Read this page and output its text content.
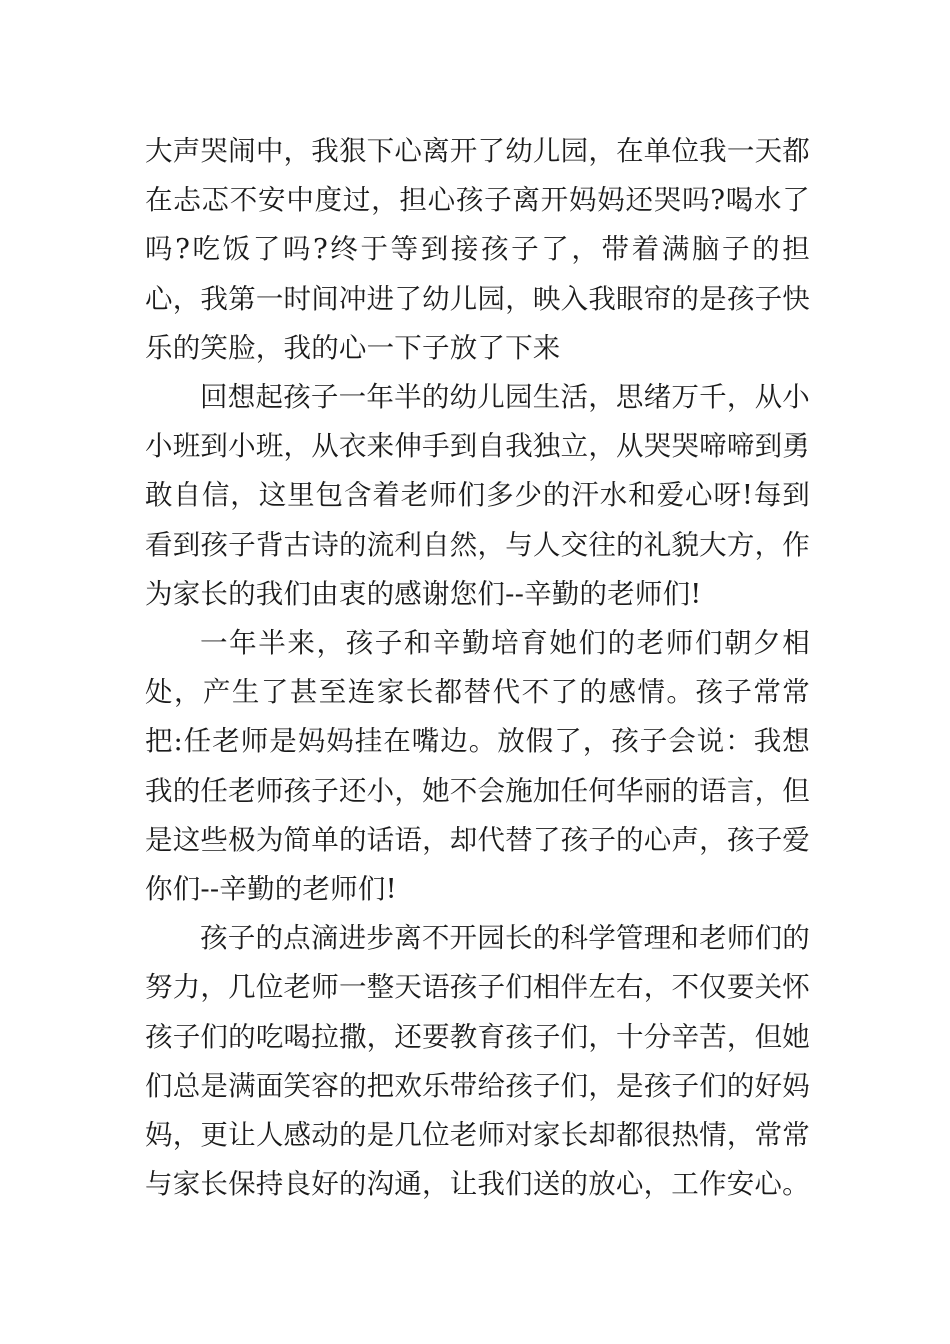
大声哭闹中，我狠下心离开了幼儿园，在单位我一天都在忐忑不安中度过，担心孩子离开妈妈还哭吗?喝水了吗?吃饭了吗?终于等到接孩子了，带着满脑子的担心，我第一时间冲进了幼儿园，映入我眼帘的是孩子快乐的笑脸，我的心一下子放了下来

回想起孩子一年半的幼儿园生活，思绪万千，从小小班到小班，从衣来伸手到自我独立，从哭哭啼啼到勇敢自信，这里包含着老师们多少的汗水和爱心呀!每到看到孩子背古诗的流利自然，与人交往的礼貌大方，作为家长的我们由衷的感谢您们--辛勤的老师们!

一年半来，孩子和辛勤培育她们的老师们朝夕相处，产生了甚至连家长都替代不了的感情。孩子常常把:任老师是妈妈挂在嘴边。放假了，孩子会说：我想我的任老师孩子还小，她不会施加任何华丽的语言，但是这些极为简单的话语，却代替了孩子的心声，孩子爱你们--辛勤的老师们!

孩子的点滴进步离不开园长的科学管理和老师们的努力，几位老师一整天语孩子们相伴左右，不仅要关怀孩子们的吃喝拉撒，还要教育孩子们，十分辛苦，但她们总是满面笑容的把欢乐带给孩子们，是孩子们的好妈妈，更让人感动的是几位老师对家长却都很热情，常常与家长保持良好的沟通，让我们送的放心，工作安心。
